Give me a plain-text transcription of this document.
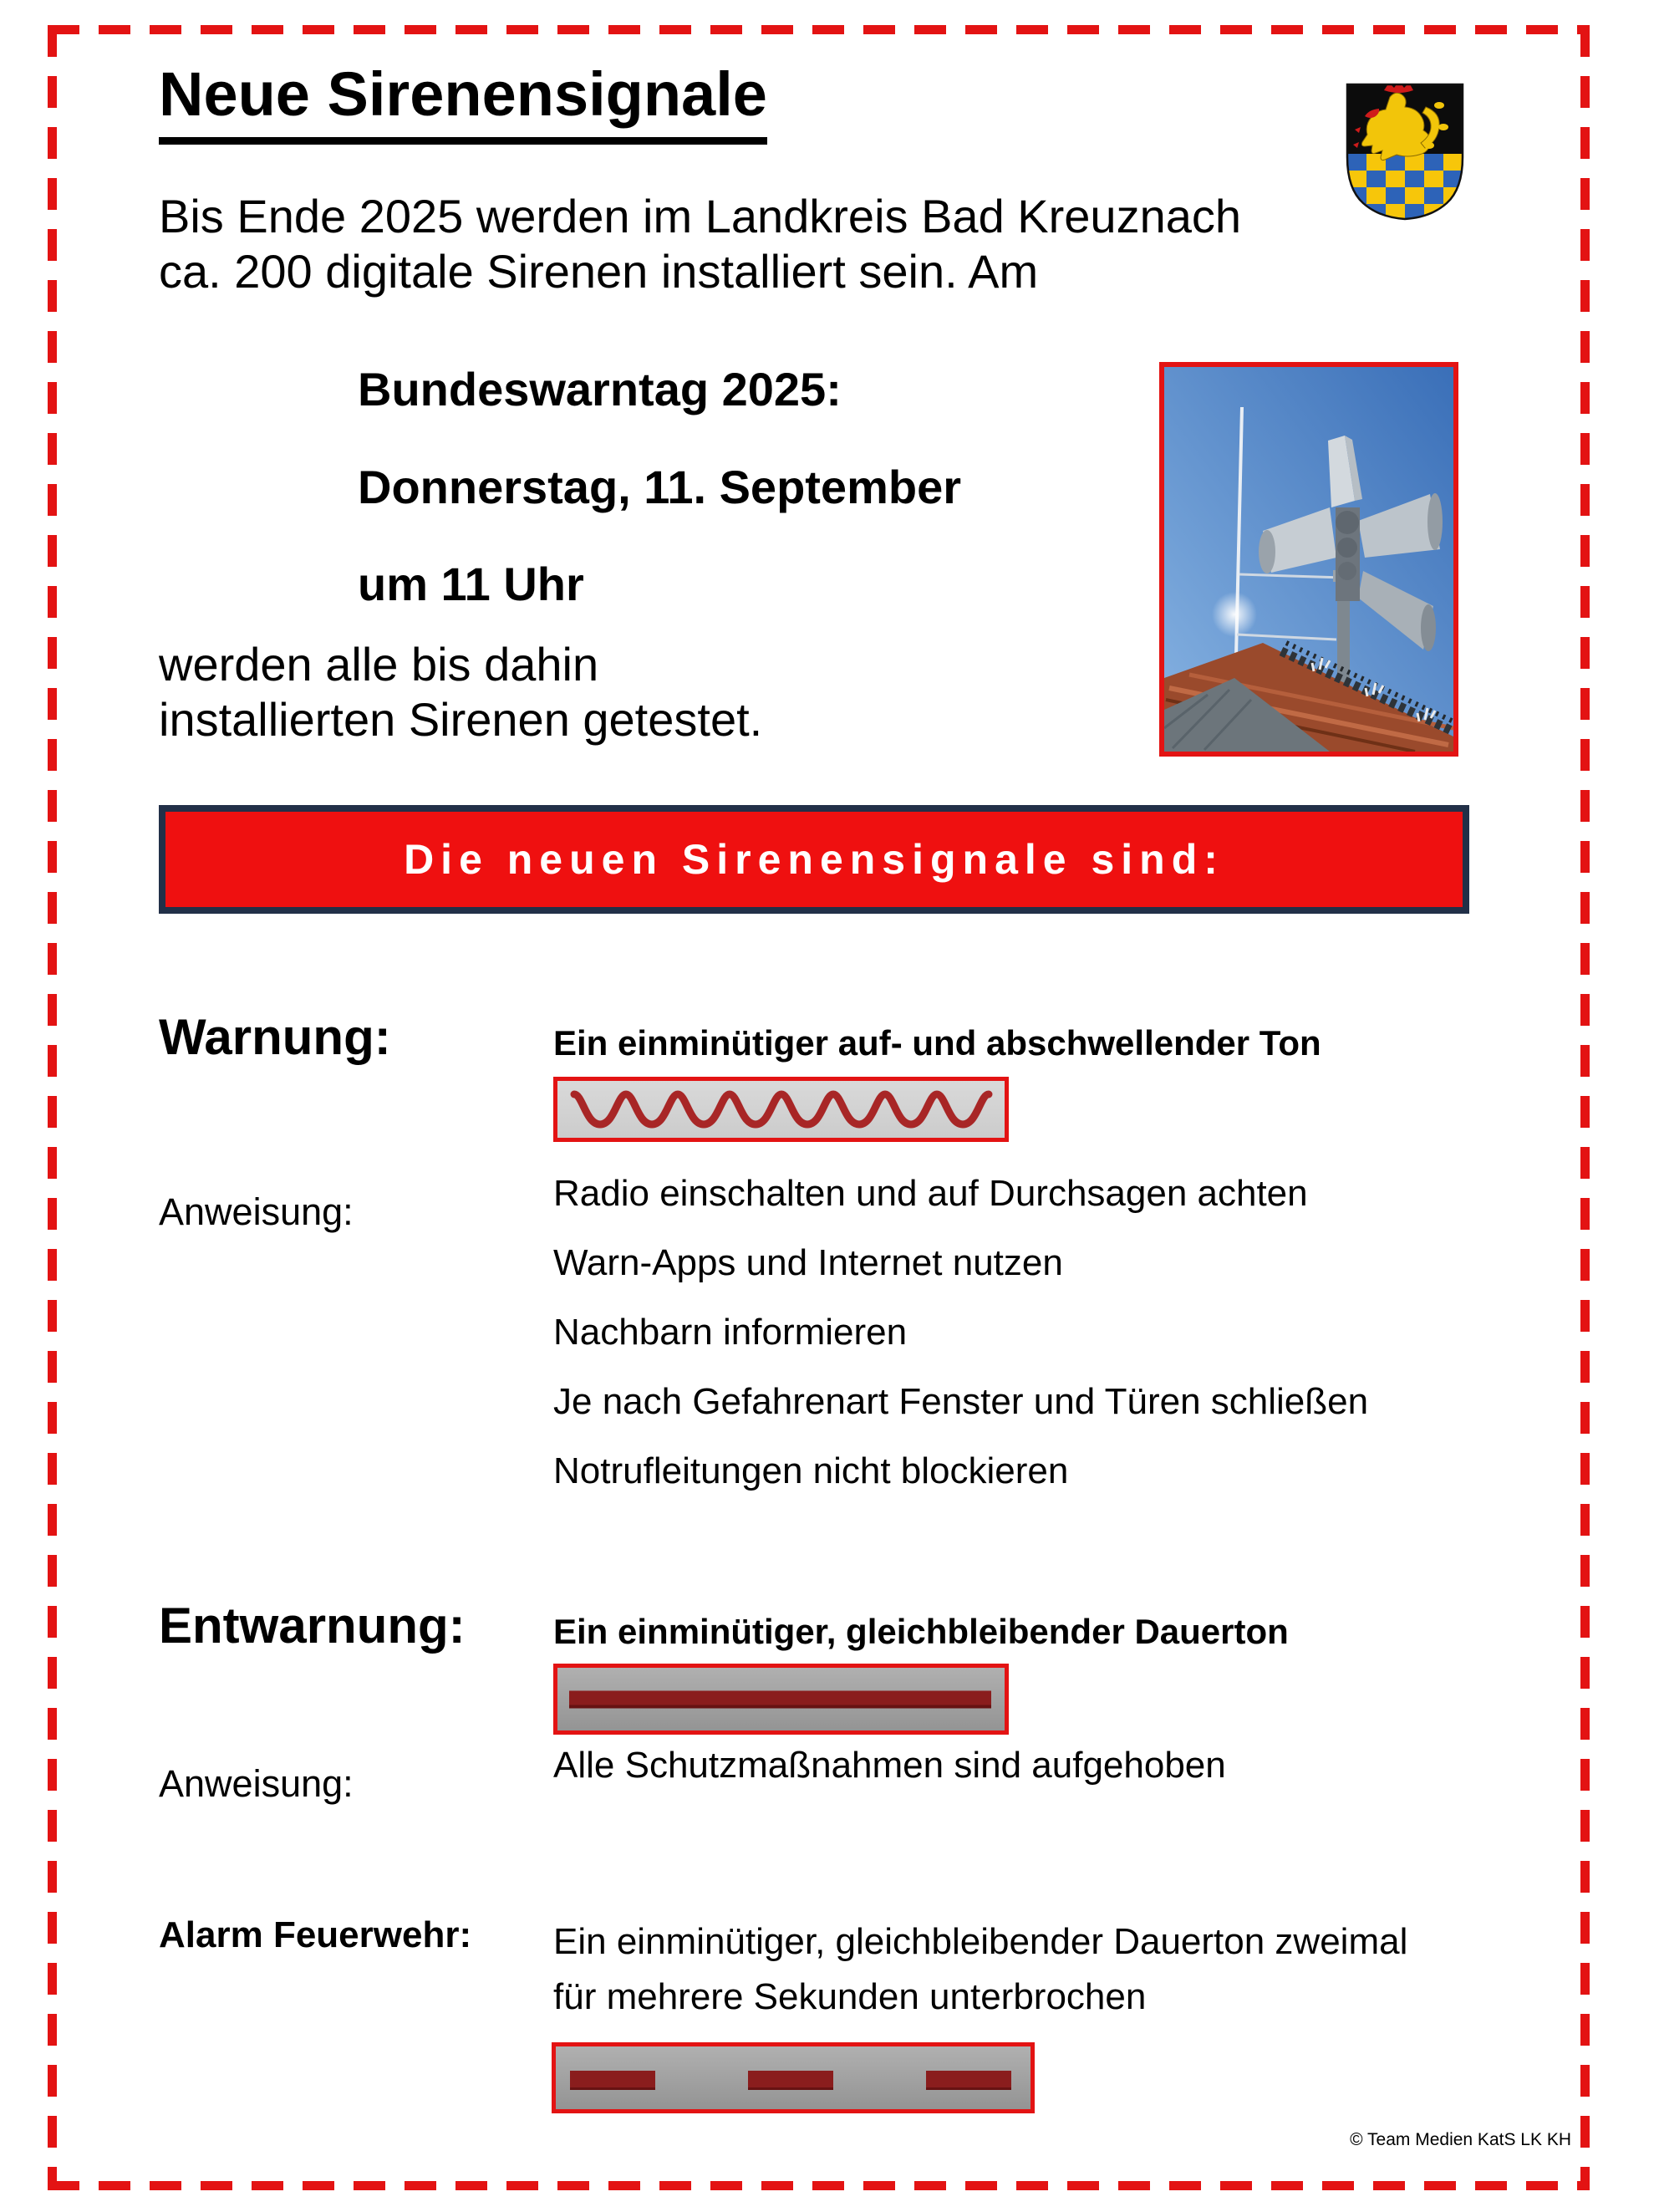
Neue Sirenensignale
Bis Ende 2025 werden im Landkreis Bad Kreuznach
ca. 200 digitale Sirenen installiert sein. Am
Bundeswarntag 2025:
Donnerstag, 11. September
um 11 Uhr
werden alle bis dahin
installierten Sirenen getestet.
Die neuen Sirenensignale sind:
Warnung:	Ein einminütiger auf- und abschwellender Ton
Anweisung:	Radio einschalten und auf Durchsagen achten
Warn-Apps und Internet nutzen
Nachbarn informieren
Je nach Gefahrenart Fenster und Türen schließen
Notrufleitungen nicht blockieren
Entwarnung:	Ein einminütiger, gleichbleibender Dauerton
Anweisung:	Alle Schutzmaßnahmen sind aufgehoben
Alarm Feuerwehr: Ein einminütiger, gleichbleibender Dauerton zweimal
für mehrere Sekunden unterbrochen
© Team Medien KatS LK KH
